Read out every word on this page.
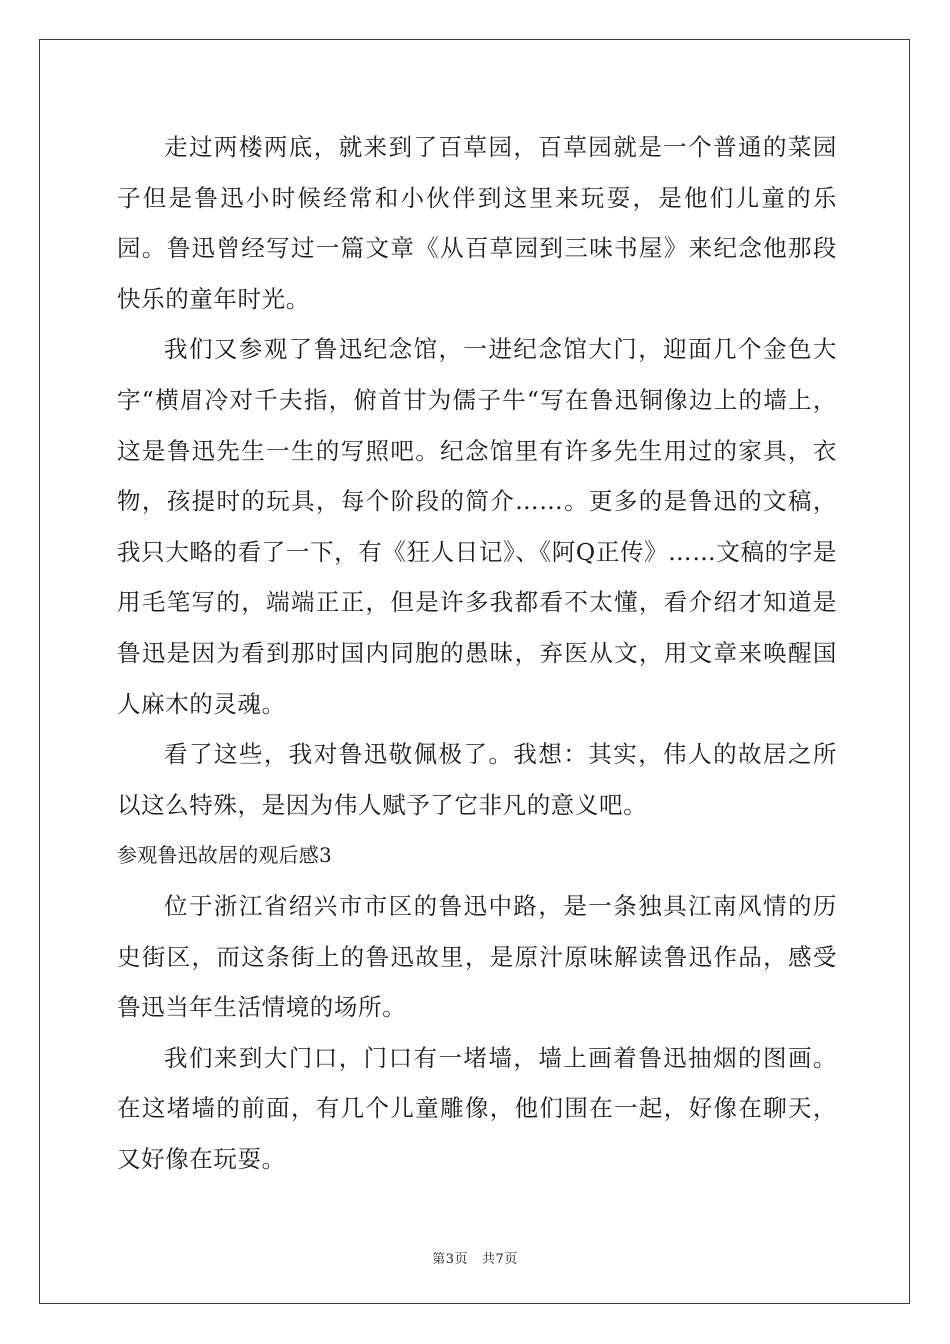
走过两楼两底，就来到了百草园，百草园就是一个普通的菜园子但是鲁迅小时候经常和小伙伴到这里来玩耍，是他们儿童的乐园。鲁迅曾经写过一篇文章《从百草园到三味书屋》来纪念他那段快乐的童年时光。

我们又参观了鲁迅纪念馆，一进纪念馆大门，迎面几个金色大字“横眉冷对千夫指，俯首甘为儒子牛“写在鲁迅铜像边上的墙上，这是鲁迅先生一生的写照吧。纪念馆里有许多先生用过的家具，衣物，孩提时的玩具，每个阶段的简介……。更多的是鲁迅的文稿，我只大略的看了一下，有《狂人日记》、《阿Q正传》……文稿的字是用毛笔写的，端端正正，但是许多我都看不太懂，看介绍才知道是鲁迅是因为看到那时国内同胞的愚昧，弃医从文，用文章来唤醒国人麻木的灵魂。

看了这些，我对鲁迅敬佩极了。我想：其实，伟人的故居之所以这么特殊，是因为伟人赋予了它非凡的意义吧。

参观鲁迅故居的观后感3

位于浙江省绍兴市市区的鲁迅中路，是一条独具江南风情的历史街区，而这条街上的鲁迅故里，是原汁原味解读鲁迅作品，感受鲁迅当年生活情境的场所。

我们来到大门口，门口有一堵墙，墙上画着鲁迅抽烟的图画。在这堵墙的前面，有几个儿童雕像，他们围在一起，好像在聊天，又好像在玩耍。

第3页 共7页
